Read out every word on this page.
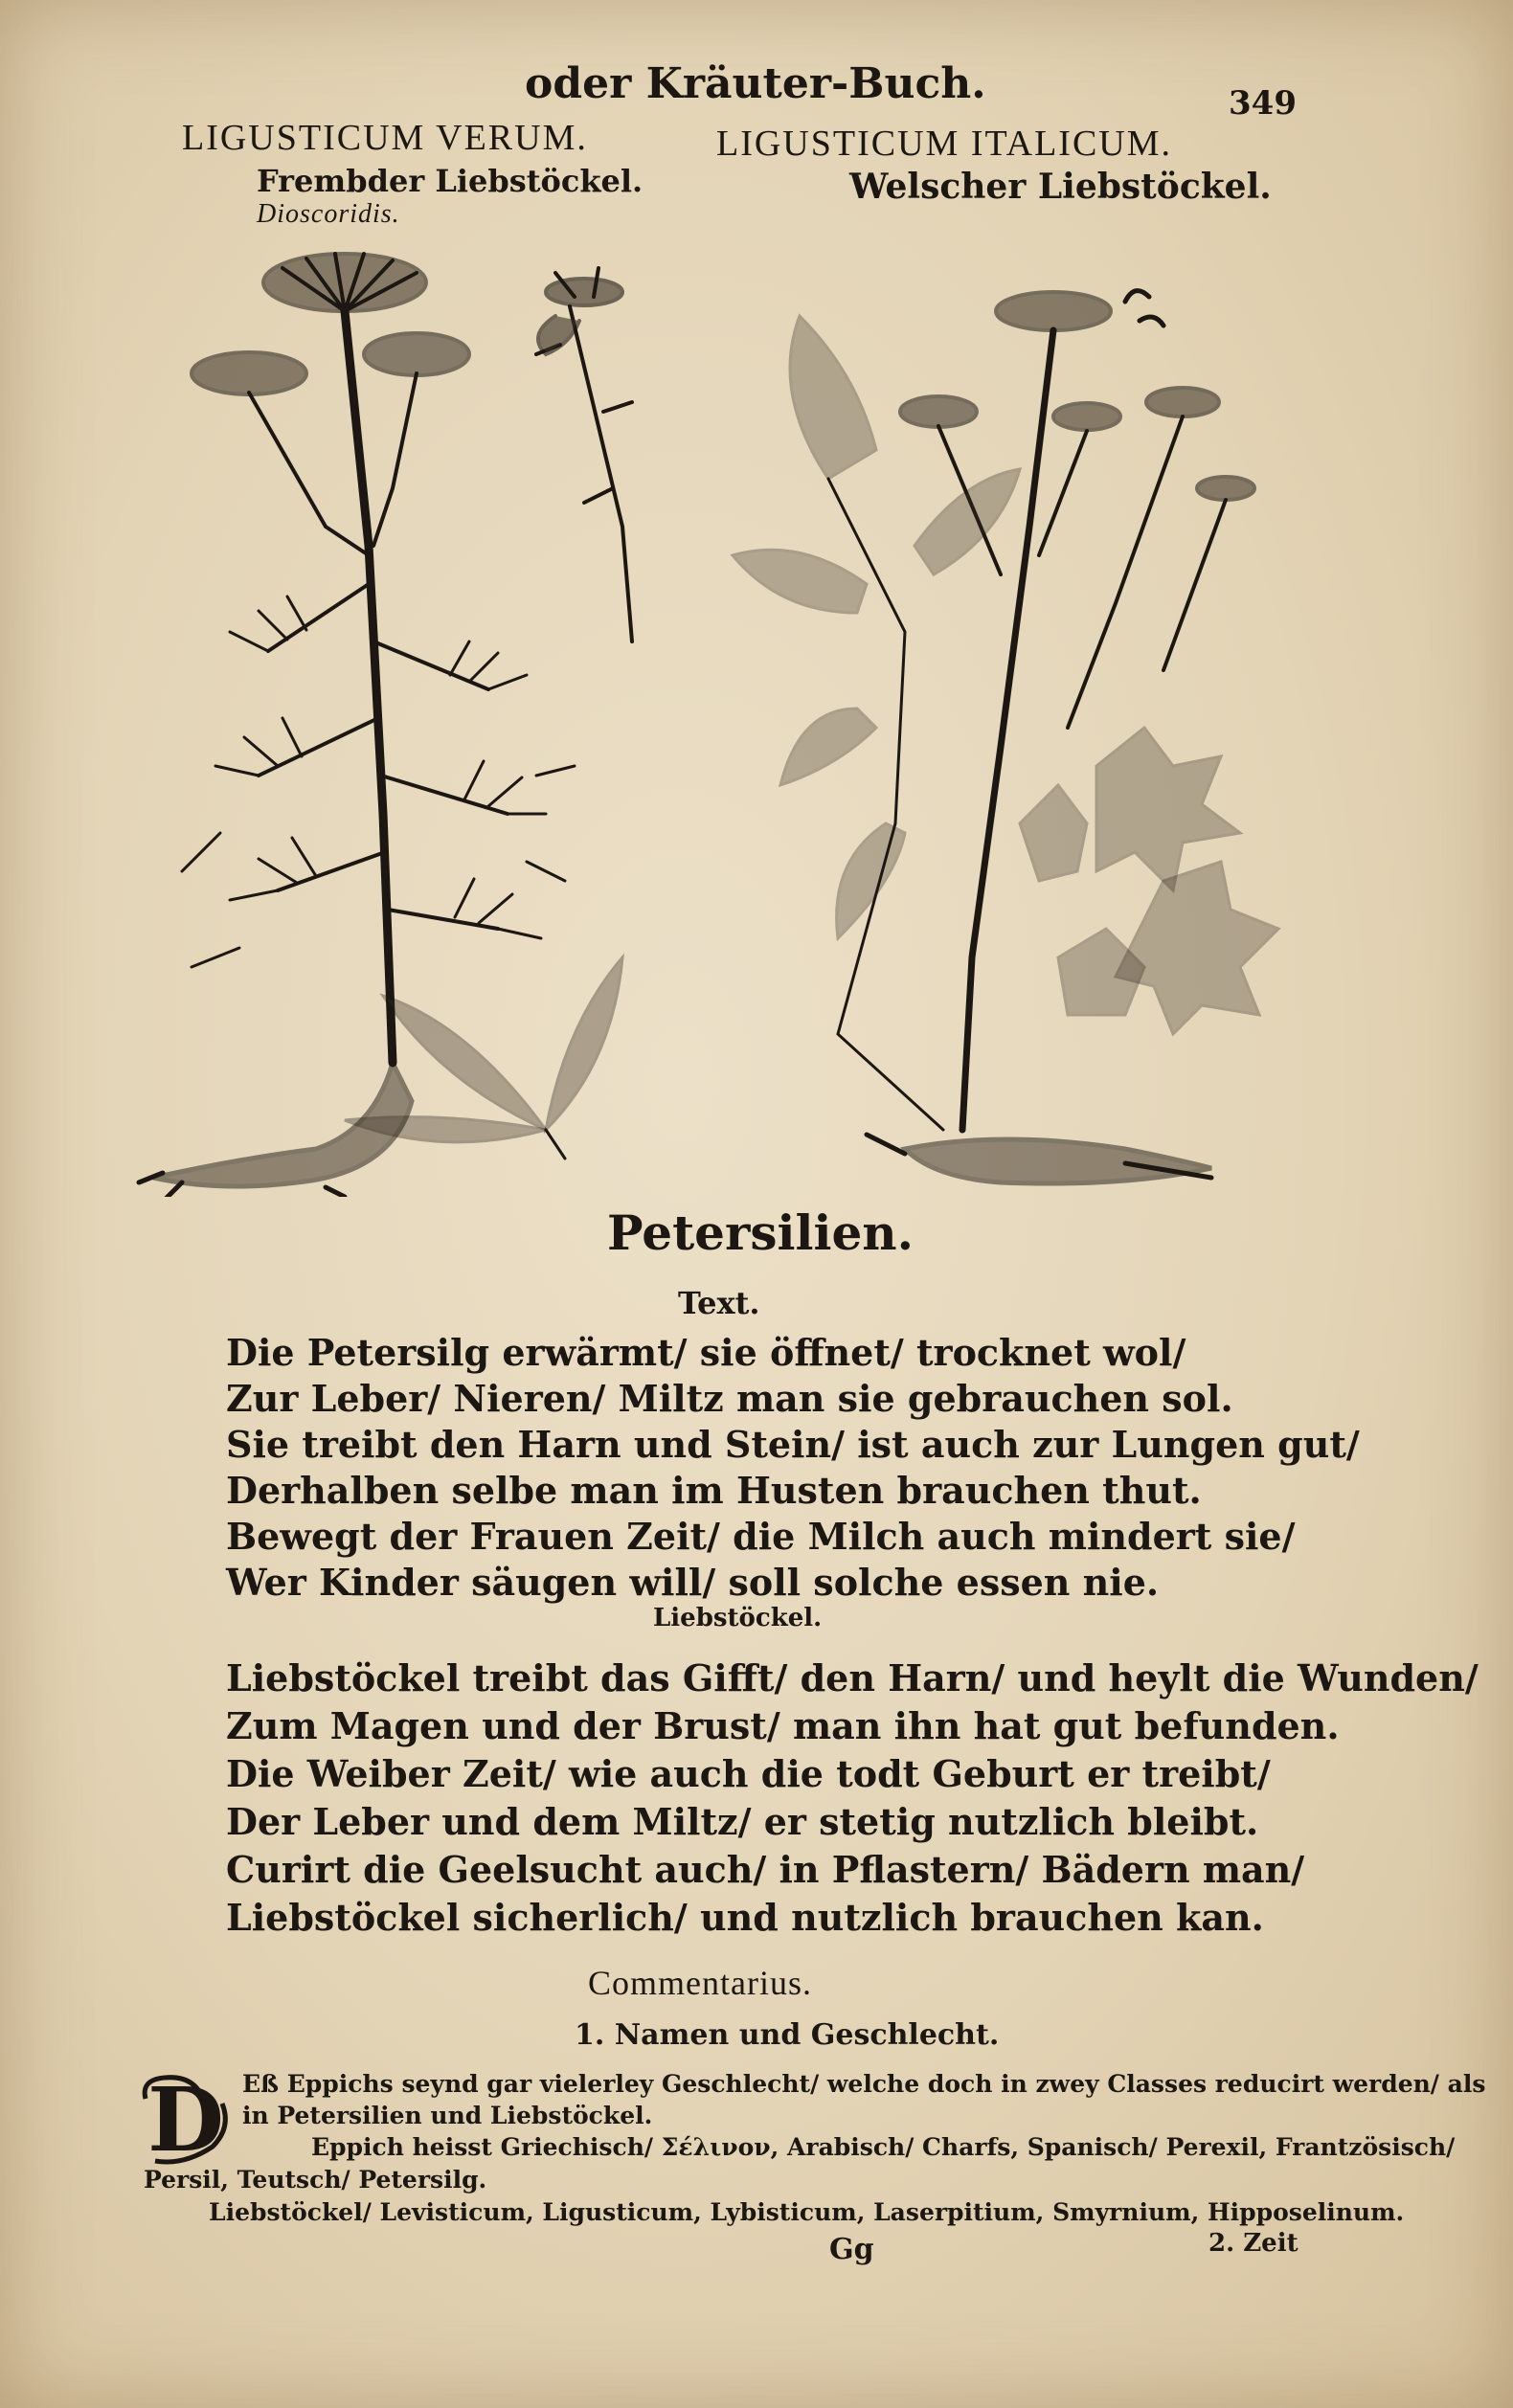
oder Kräuter-Buch.	349
LIGUSTICUM VERUM.
Frembder Liebstöckel.
Dioscoridis.
LIGUSTICUM ITALICUM.
Welscher Liebstöckel.
Petersilien.
Text.
Die Petersilg erwärmt/ sie öffnet/ trocknet wol/
Zur Leber/ Nieren/ Miltz man sie gebrauchen sol.
Sie treibt den Harn und Stein/ ist auch zur Lungen gut/
Derhalben selbe man im Husten brauchen thut.
Bewegt der Frauen Zeit/ die Milch auch mindert sie/
Wer Kinder säugen will/ soll solche essen nie.
Liebstöckel.
Liebstöckel treibt das Gifft/ den Harn/ und heylt die Wunden/
Zum Magen und der Brust/ man ihn hat gut befunden.
Die Weiber Zeit/ wie auch die todt Geburt er treibt/
Der Leber und dem Miltz/ er stetig nutzlich bleibt.
Curirt die Geelsucht auch/ in Pflastern/ Bädern man/
Liebstöckel sicherlich/ und nutzlich brauchen kan.
Commentarius.
1. Namen und Geschlecht.
D Eß Eppichs seynd gar vielerley Geschlecht/ welche doch in zwey Classes reducirt werden/ als
in Petersilien und Liebstöckel.
Eppich heisst Griechisch/ Σέλινον, Arabisch/ Charfs, Spanisch/ Perexil, Frantzösisch/
Persil, Teutsch/ Petersilg.
Liebstöckel/ Levisticum, Ligusticum, Lybisticum, Laserpitium, Smyrnium, Hipposelinum.
Gg	2. Zeit
